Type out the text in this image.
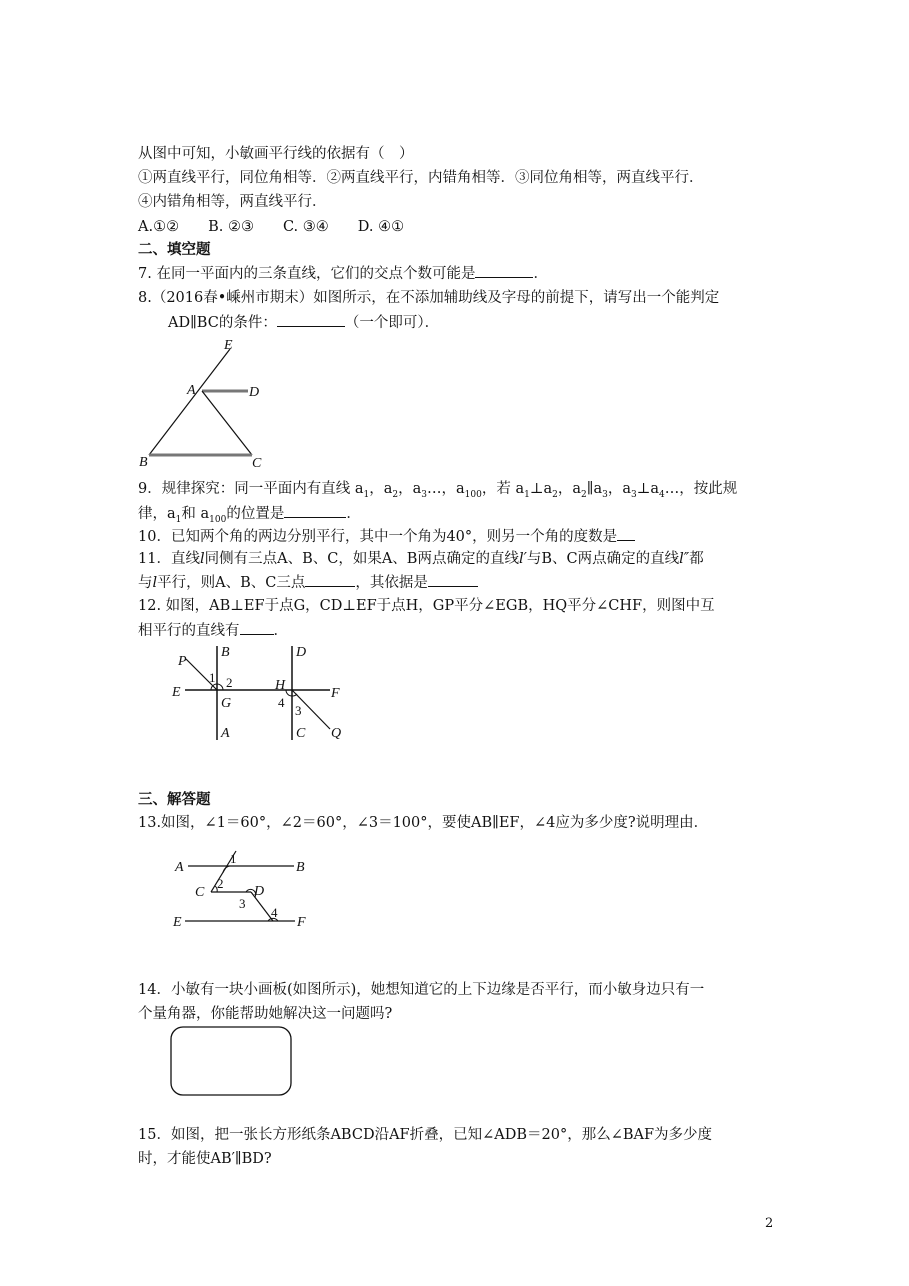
从图中可知，小敏画平行线的依据有（　）
①两直线平行，同位角相等．②两直线平行，内错角相等．③同位角相等，两直线平行．
④内错角相等，两直线平行．
A.①②　　B. ②③　　C. ③④　　D. ④①
二、填空题
7. 在同一平面内的三条直线，它们的交点个数可能是	．
8.（2016春•嵊州市期末）如图所示，在不添加辅助线及字母的前提下，请写出一个能判定
AD∥BC的条件：	（一个即可）．
E
A	D
B	C
9．规律探究：同一平面内有直线 $a_1$，$a_2$，$a_3\dots$，$a_{100}$，若 $a_1\perp a_2$，$a_2\parallel a_3$，$a_3\perp a_4\dots$，按此规
律，$a_1$和 $a_{100}$的位置是	．
10．已知两个角的两边分别平行，其中一个角为40°，则另一个角的度数是
11．直线l同侧有三点A、B、C，如果A、B两点确定的直线l′与B、C两点确定的直线l″都
与l平行，则A、B、C三点	，其依据是
12. 如图，AB⊥EF于点G，CD⊥EF于点H，GP平分∠EGB，HQ平分∠CHF，则图中互
相平行的直线有 ．
P
B	D
E
G
H
F
A	C Q
1 2
3
4
三、解答题
13.如图，∠1＝60°，∠2＝60°，∠3＝100°，要使AB∥EF，∠4应为多少度?说明理由．
A	B
C	D
E	F
1
2
3
4
14．小敏有一块小画板(如图所示)，她想知道它的上下边缘是否平行，而小敏身边只有一
个量角器，你能帮助她解决这一问题吗?
15．如图，把一张长方形纸条ABCD沿AF折叠，已知∠ADB＝20°，那么∠BAF为多少度
时，才能使AB′∥BD?
2
